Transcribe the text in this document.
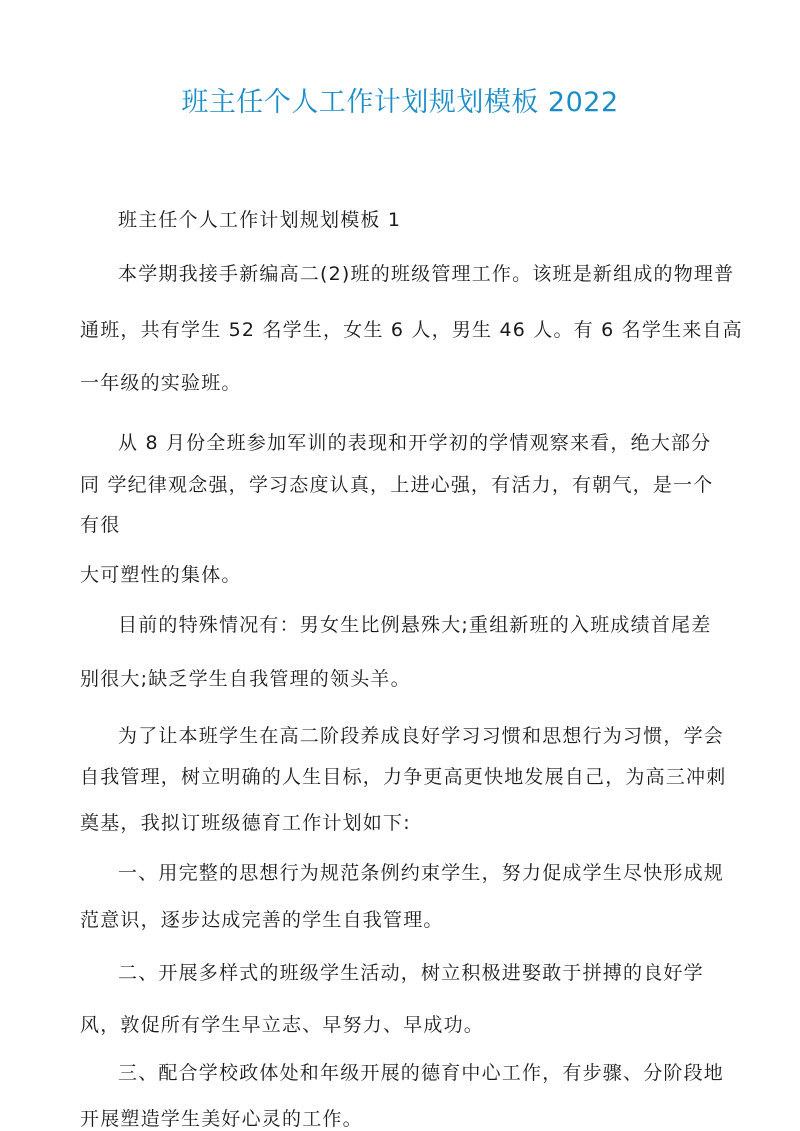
班主任个人工作计划规划模板 2022
班主任个人工作计划规划模板 1
本学期我接手新编高二(2)班的班级管理工作。该班是新组成的物理普
通班，共有学生 52 名学生，女生 6 人，男生 46 人。有 6 名学生来自高
一年级的实验班。
从 8 月份全班参加军训的表现和开学初的学情观察来看，绝大部分
同 学纪律观念强，学习态度认真，上进心强，有活力，有朝气，是一个
有很
大可塑性的集体。
目前的特殊情况有：男女生比例悬殊大;重组新班的入班成绩首尾差
别很大;缺乏学生自我管理的领头羊。
为了让本班学生在高二阶段养成良好学习习惯和思想行为习惯，学会
自我管理，树立明确的人生目标，力争更高更快地发展自己，为高三冲刺
奠基，我拟订班级德育工作计划如下:
一、用完整的思想行为规范条例约束学生，努力促成学生尽快形成规
范意识，逐步达成完善的学生自我管理。
二、开展多样式的班级学生活动，树立积极进娶敢于拼搏的良好学
风，敦促所有学生早立志、早努力、早成功。
三、配合学校政体处和年级开展的德育中心工作，有步骤、分阶段地
开展塑造学生美好心灵的工作。
